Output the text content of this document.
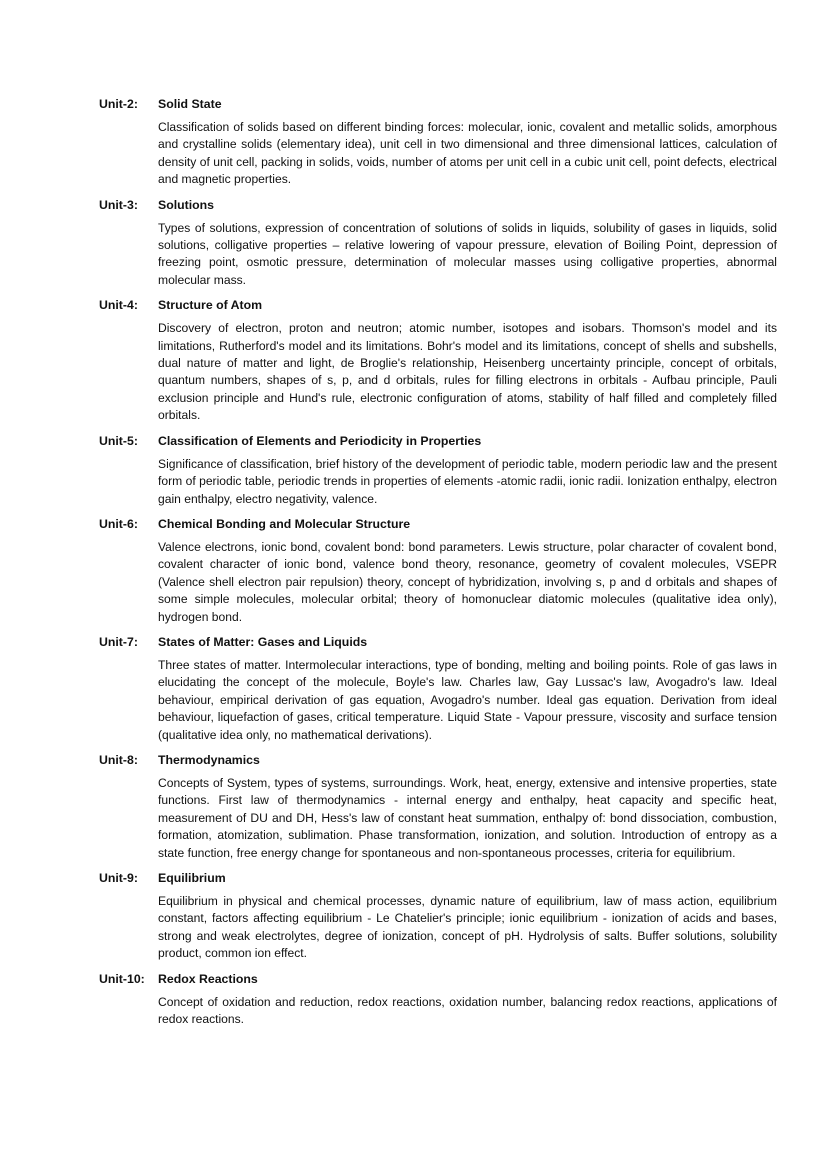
Unit-2:	Solid State
Classification of solids based on different binding forces: molecular, ionic, covalent and metallic solids, amorphous and crystalline solids (elementary idea), unit cell in two dimensional and three dimensional lattices, calculation of density of unit cell, packing in solids, voids, number of atoms per unit cell in a cubic unit cell, point defects, electrical and magnetic properties.
Unit-3:	Solutions
Types of solutions, expression of concentration of solutions of solids in liquids, solubility of gases in liquids, solid solutions, colligative properties – relative lowering of vapour pressure, elevation of Boiling Point, depression of freezing point, osmotic pressure, determination of molecular masses using colligative properties, abnormal molecular mass.
Unit-4:	Structure of Atom
Discovery of electron, proton and neutron; atomic number, isotopes and isobars. Thomson's model and its limitations, Rutherford's model and its limitations. Bohr's model and its limitations, concept of shells and subshells, dual nature of matter and light, de Broglie's relationship, Heisenberg uncertainty principle, concept of orbitals, quantum numbers, shapes of s, p, and d orbitals, rules for filling electrons in orbitals - Aufbau principle, Pauli exclusion principle and Hund's rule, electronic configuration of atoms, stability of half filled and completely filled orbitals.
Unit-5:	Classification of Elements and Periodicity in Properties
Significance of classification, brief history of the development of periodic table, modern periodic law and the present form of periodic table, periodic trends in properties of elements -atomic radii, ionic radii. Ionization enthalpy, electron gain enthalpy, electro negativity, valence.
Unit-6:	Chemical Bonding and Molecular Structure
Valence electrons, ionic bond, covalent bond: bond parameters. Lewis structure, polar character of covalent bond, covalent character of ionic bond, valence bond theory, resonance, geometry of covalent molecules, VSEPR (Valence shell electron pair repulsion) theory, concept of hybridization, involving s, p and d orbitals and shapes of some simple molecules, molecular orbital; theory of homonuclear diatomic molecules (qualitative idea only), hydrogen bond.
Unit-7:	States of Matter: Gases and Liquids
Three states of matter. Intermolecular interactions, type of bonding, melting and boiling points. Role of gas laws in elucidating the concept of the molecule, Boyle's law. Charles law, Gay Lussac's law, Avogadro's law. Ideal behaviour, empirical derivation of gas equation, Avogadro's number. Ideal gas equation. Derivation from ideal behaviour, liquefaction of gases, critical temperature. Liquid State - Vapour pressure, viscosity and surface tension (qualitative idea only, no mathematical derivations).
Unit-8:	Thermodynamics
Concepts of System, types of systems, surroundings. Work, heat, energy, extensive and intensive properties, state functions. First law of thermodynamics - internal energy and enthalpy, heat capacity and specific heat, measurement of DU and DH, Hess's law of constant heat summation, enthalpy of: bond dissociation, combustion, formation, atomization, sublimation. Phase transformation, ionization, and solution. Introduction of entropy as a state function, free energy change for spontaneous and non-spontaneous processes, criteria for equilibrium.
Unit-9:	Equilibrium
Equilibrium in physical and chemical processes, dynamic nature of equilibrium, law of mass action, equilibrium constant, factors affecting equilibrium - Le Chatelier's principle; ionic equilibrium - ionization of acids and bases, strong and weak electrolytes, degree of ionization, concept of pH. Hydrolysis of salts. Buffer solutions, solubility product, common ion effect.
Unit-10:	Redox Reactions
Concept of oxidation and reduction, redox reactions, oxidation number, balancing redox reactions, applications of redox reactions.
